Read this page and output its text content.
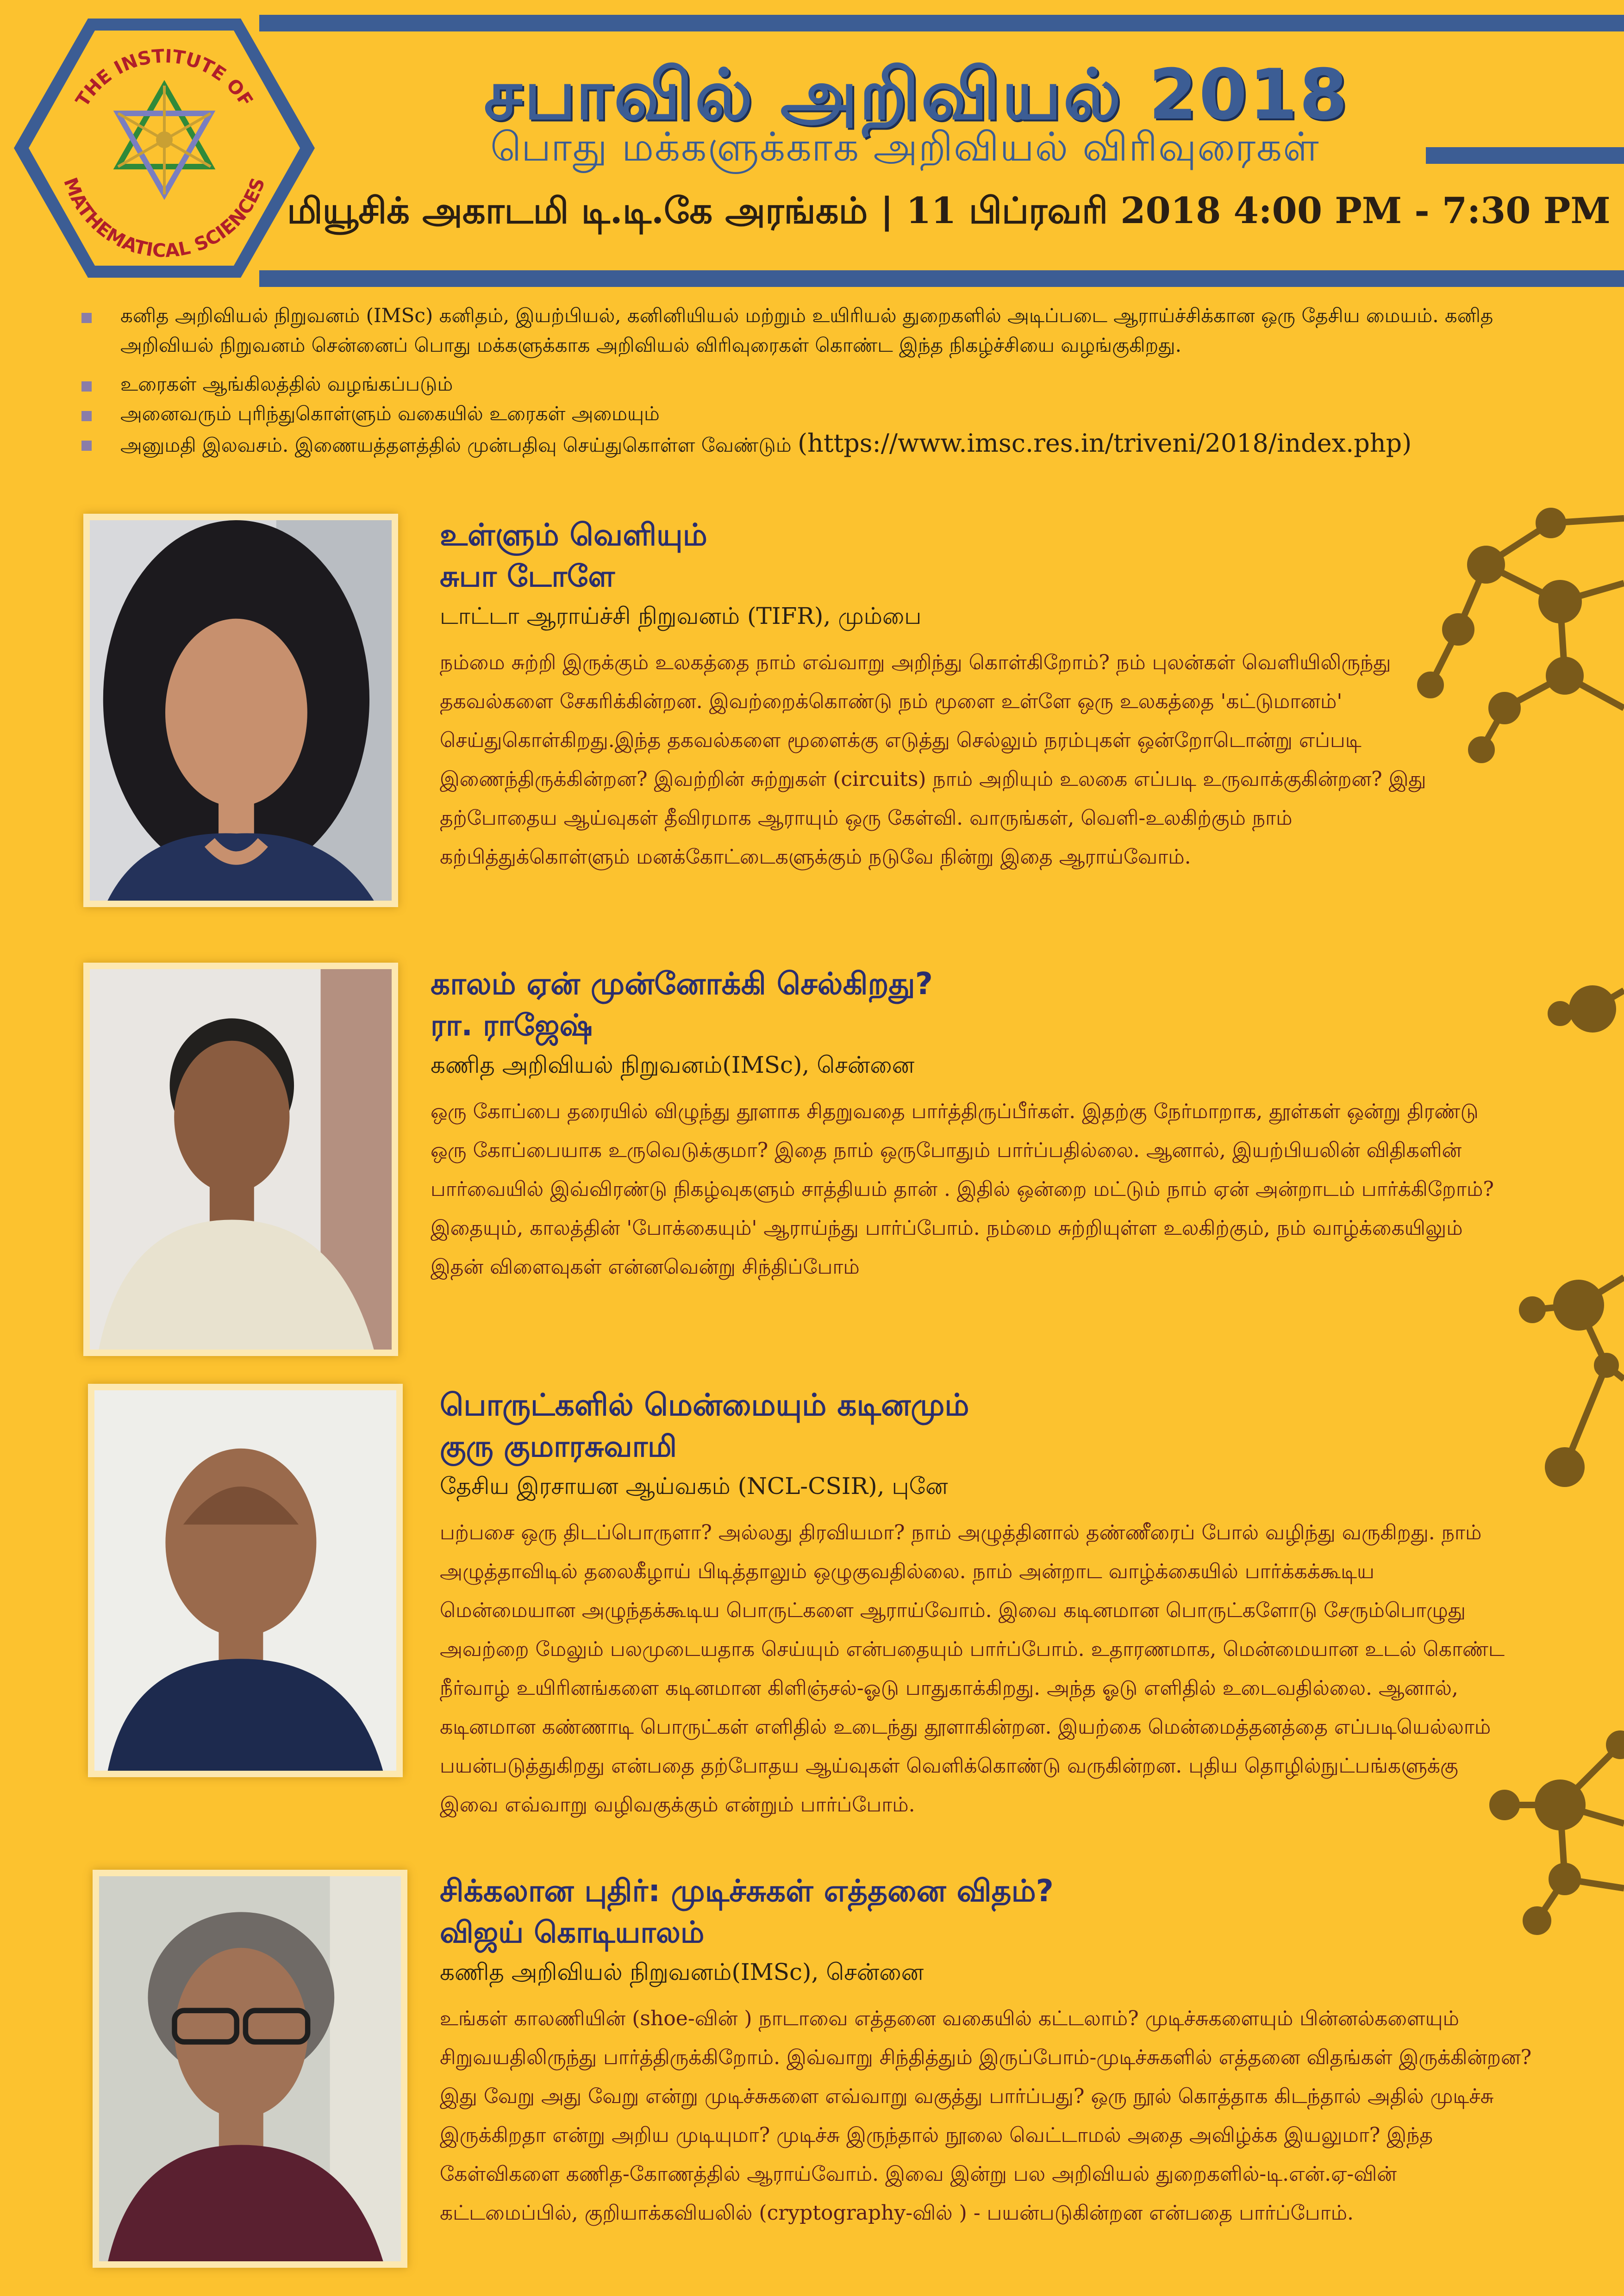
THE INSTITUTE OF
MATHEMATICAL SCIENCES
சபாவில் அறிவியல் 2018
பொது மக்களுக்காக அறிவியல் விரிவுரைகள்
மியூசிக் அகாடமி டி.டி.கே அரங்கம் | 11 பிப்ரவரி 2018 4:00 PM - 7:30 PM
கனித அறிவியல் நிறுவனம் (IMSc) கனிதம், இயற்பியல், கனினியியல் மற்றும் உயிரியல் துறைகளில் அடிப்படை ஆராய்ச்சிக்கான ஒரு தேசிய மையம். கனித அறிவியல் நிறுவனம் சென்னைப் பொது மக்களுக்காக அறிவியல் விரிவுரைகள் கொண்ட இந்த நிகழ்ச்சியை வழங்குகிறது.
உரைகள் ஆங்கிலத்தில் வழங்கப்படும்
அனைவரும் புரிந்துகொள்ளும் வகையில் உரைகள் அமையும்
அனுமதி இலவசம். இணையத்தளத்தில் முன்பதிவு செய்துகொள்ள வேண்டும் (https://www.imsc.res.in/triveni/2018/index.php)
உள்ளும் வெளியும்
சுபா டோளே
டாட்டா ஆராய்ச்சி நிறுவனம் (TIFR), மும்பை
நம்மை சுற்றி இருக்கும் உலகத்தை நாம் எவ்வாறு அறிந்து கொள்கிறோம்? நம் புலன்கள் வெளியிலிருந்து தகவல்களை சேகரிக்கின்றன. இவற்றைக்கொண்டு நம் மூளை உள்ளே ஒரு உலகத்தை 'கட்டுமானம்' செய்துகொள்கிறது.இந்த தகவல்களை மூளைக்கு எடுத்து செல்லும் நரம்புகள் ஒன்றோடொன்று எப்படி இணைந்திருக்கின்றன? இவற்றின் சுற்றுகள் (circuits) நாம் அறியும் உலகை எப்படி உருவாக்குகின்றன? இது தற்போதைய ஆய்வுகள் தீவிரமாக ஆராயும் ஒரு கேள்வி. வாருங்கள், வெளி-உலகிற்கும் நாம் கற்பித்துக்கொள்ளும் மனக்கோட்டைகளுக்கும் நடுவே நின்று இதை ஆராய்வோம்.
காலம் ஏன் முன்னோக்கி செல்கிறது?
ரா. ராஜேஷ்
கணித அறிவியல் நிறுவனம்(IMSc), சென்னை
ஒரு கோப்பை தரையில் விழுந்து தூளாக சிதறுவதை பார்த்திருப்பீர்கள். இதற்கு நேர்மாறாக, தூள்கள் ஒன்று திரண்டு ஒரு கோப்பையாக உருவெடுக்குமா? இதை நாம் ஒருபோதும் பார்ப்பதில்லை. ஆனால், இயற்பியலின் விதிகளின் பார்வையில் இவ்விரண்டு நிகழ்வுகளும் சாத்தியம் தான் . இதில் ஒன்றை மட்டும் நாம் ஏன் அன்றாடம் பார்க்கிறோம்? இதையும், காலத்தின் 'போக்கையும்' ஆராய்ந்து பார்ப்போம். நம்மை சுற்றியுள்ள உலகிற்கும், நம் வாழ்க்கையிலும் இதன் விளைவுகள் என்னவென்று சிந்திப்போம்
பொருட்களில் மென்மையும் கடினமும்
குரு குமாரசுவாமி
தேசிய இரசாயன ஆய்வகம் (NCL-CSIR), புனே
பற்பசை ஒரு திடப்பொருளா? அல்லது திரவியமா? நாம் அழுத்தினால் தண்ணீரைப் போல் வழிந்து வருகிறது. நாம் அழுத்தாவிடில் தலைகீழாய் பிடித்தாலும் ஒழுகுவதில்லை. நாம் அன்றாட வாழ்க்கையில் பார்க்கக்கூடிய மென்மையான அழுந்தக்கூடிய பொருட்களை ஆராய்வோம். இவை கடினமான பொருட்களோடு சேரும்பொழுது அவற்றை மேலும் பலமுடையதாக செய்யும் என்பதையும் பார்ப்போம். உதாரணமாக, மென்மையான உடல் கொண்ட நீர்வாழ் உயிரினங்களை கடினமான கிளிஞ்சல்-ஓடு பாதுகாக்கிறது. அந்த ஓடு எளிதில் உடைவதில்லை. ஆனால், கடினமான கண்ணாடி பொருட்கள் எளிதில் உடைந்து தூளாகின்றன. இயற்கை மென்மைத்தனத்தை எப்படியெல்லாம் பயன்படுத்துகிறது என்பதை தற்போதய ஆய்வுகள் வெளிக்கொண்டு வருகின்றன. புதிய தொழில்நுட்பங்களுக்கு இவை எவ்வாறு வழிவகுக்கும் என்றும் பார்ப்போம்.
சிக்கலான புதிர்: முடிச்சுகள் எத்தனை விதம்?
விஜய் கொடியாலம்
கணித அறிவியல் நிறுவனம்(IMSc), சென்னை
உங்கள் காலணியின் (shoe-வின் ) நாடாவை எத்தனை வகையில் கட்டலாம்? முடிச்சுகளையும் பின்னல்களையும் சிறுவயதிலிருந்து பார்த்திருக்கிறோம். இவ்வாறு சிந்தித்தும் இருப்போம்-முடிச்சுகளில் எத்தனை விதங்கள் இருக்கின்றன? இது வேறு அது வேறு என்று முடிச்சுகளை எவ்வாறு வகுத்து பார்ப்பது? ஒரு நூல் கொத்தாக கிடந்தால் அதில் முடிச்சு இருக்கிறதா என்று அறிய முடியுமா? முடிச்சு இருந்தால் நூலை வெட்டாமல் அதை அவிழ்க்க இயலுமா? இந்த கேள்விகளை கணித-கோணத்தில் ஆராய்வோம். இவை இன்று பல அறிவியல் துறைகளில்-டி.என்.ஏ-வின் கட்டமைப்பில், குறியாக்கவியலில் (cryptography-வில் ) - பயன்படுகின்றன என்பதை பார்ப்போம்.
